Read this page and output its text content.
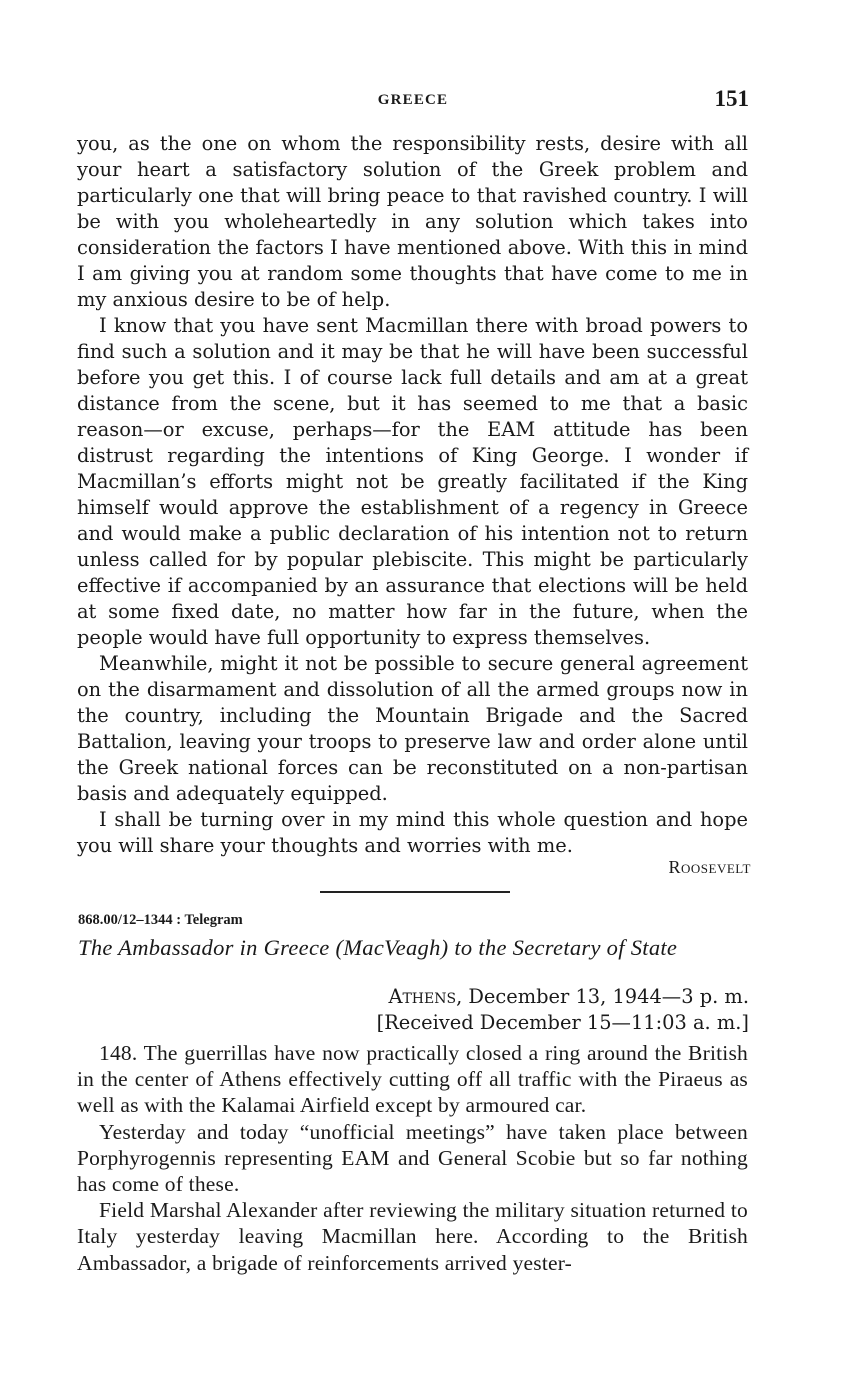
GREECE	151

you, as the one on whom the responsibility rests, desire with all your heart a satisfactory solution of the Greek problem and particularly one that will bring peace to that ravished country. I will be with you wholeheartedly in any solution which takes into consideration the factors I have mentioned above. With this in mind I am giving you at random some thoughts that have come to me in my anxious desire to be of help.

I know that you have sent Macmillan there with broad powers to find such a solution and it may be that he will have been successful before you get this. I of course lack full details and am at a great distance from the scene, but it has seemed to me that a basic reason—or excuse, perhaps—for the EAM attitude has been distrust regarding the intentions of King George. I wonder if Macmillan’s efforts might not be greatly facilitated if the King himself would approve the establishment of a regency in Greece and would make a public declaration of his intention not to return unless called for by popular plebiscite. This might be particularly effective if accompanied by an assurance that elections will be held at some fixed date, no matter how far in the future, when the people would have full opportunity to express themselves.

Meanwhile, might it not be possible to secure general agreement on the disarmament and dissolution of all the armed groups now in the country, including the Mountain Brigade and the Sacred Battalion, leaving your troops to preserve law and order alone until the Greek national forces can be reconstituted on a non-partisan basis and adequately equipped.

I shall be turning over in my mind this whole question and hope you will share your thoughts and worries with me.

Roosevelt
868.00/12–1344 : Telegram
The Ambassador in Greece (MacVeagh) to the Secretary of State
Athens, December 13, 1944—3 p. m.
[Received December 15—11:03 a. m.]

148. The guerrillas have now practically closed a ring around the British in the center of Athens effectively cutting off all traffic with the Piraeus as well as with the Kalamai Airfield except by armoured car.

Yesterday and today “unofficial meetings” have taken place between Porphyrogennis representing EAM and General Scobie but so far nothing has come of these.

Field Marshal Alexander after reviewing the military situation returned to Italy yesterday leaving Macmillan here. According to the British Ambassador, a brigade of reinforcements arrived yester-
